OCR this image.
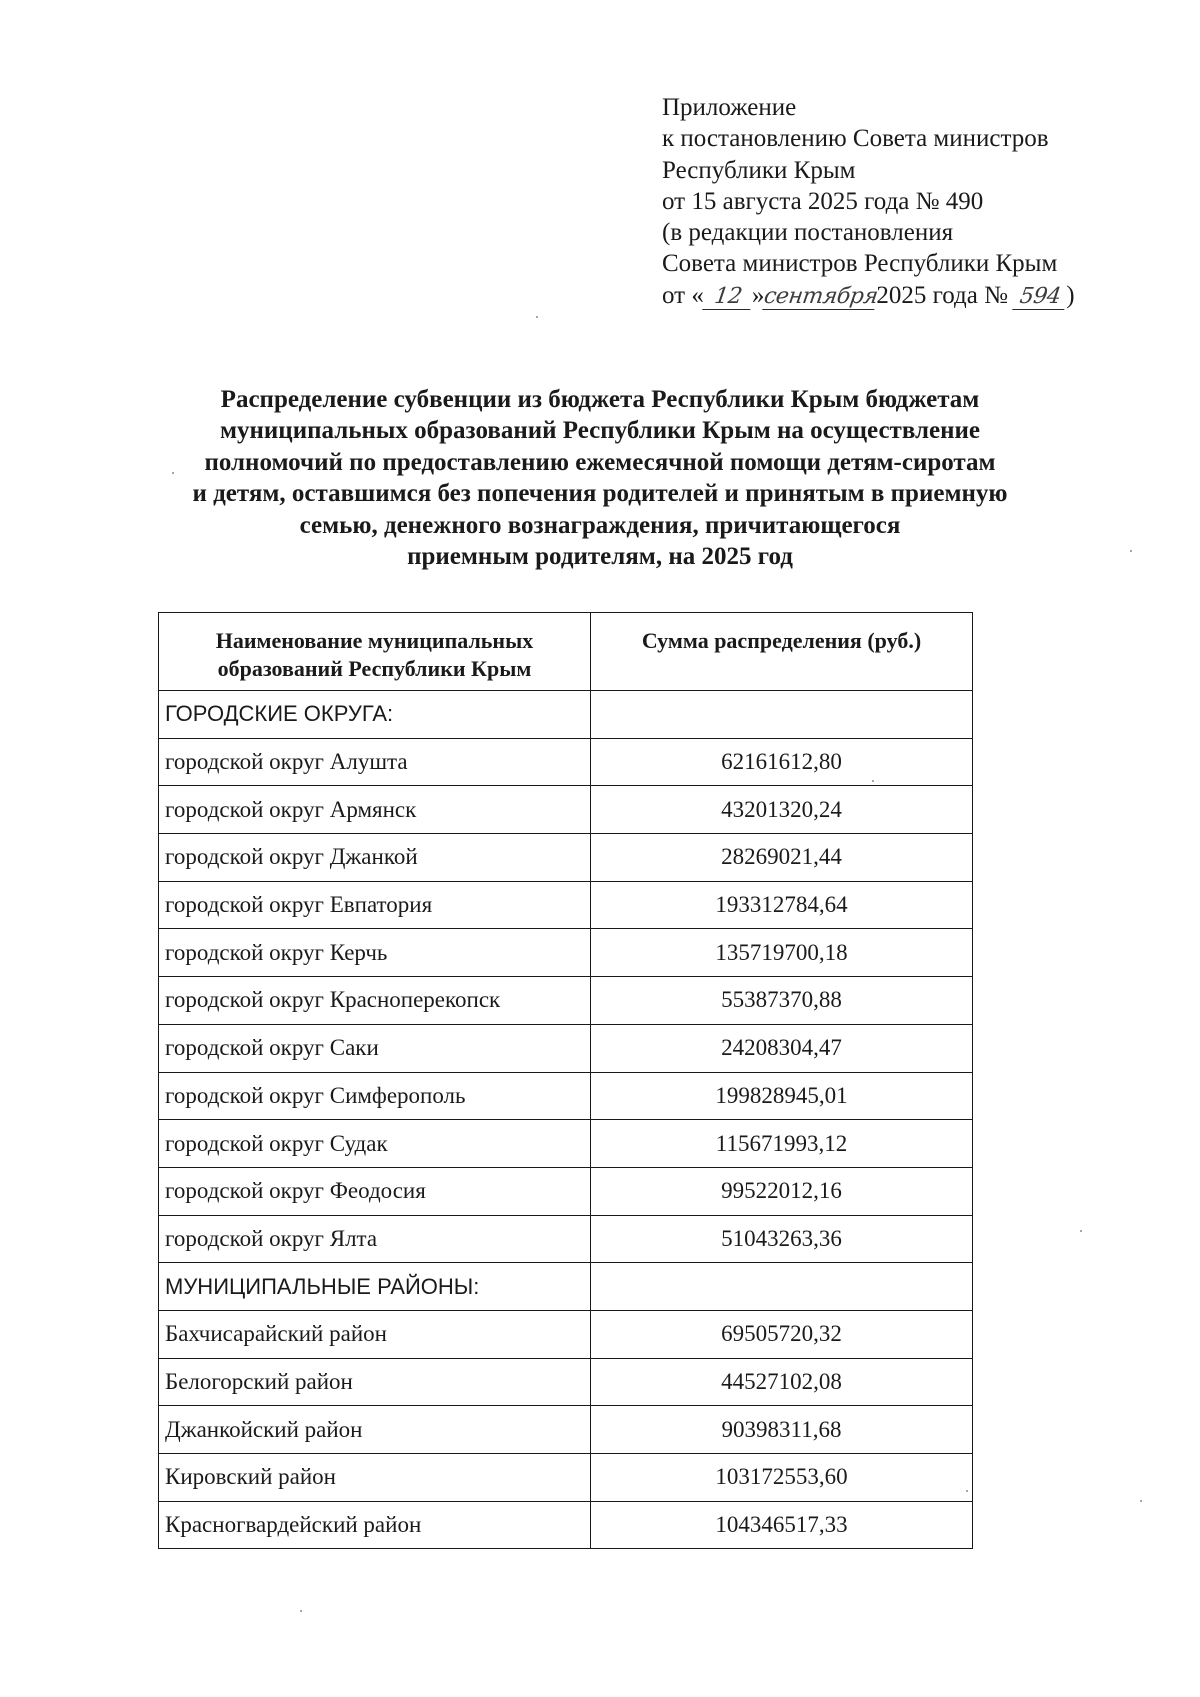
Приложение
к постановлению Совета министров
Республики Крым
от 15 августа 2025 года № 490
(в редакции постановления
Совета министров Республики Крым
от « 12 »сентября2025 года № 594 )
Распределение субвенции из бюджета Республики Крым бюджетам
муниципальных образований Республики Крым на осуществление
полномочий по предоставлению ежемесячной помощи детям-сиротам
и детям, оставшимся без попечения родителей и принятым в приемную
семью, денежного вознаграждения, причитающегося
приемным родителям, на 2025 год
Наименование муниципальных
образований Республики Крым	Сумма распределения (руб.)
ГОРОДСКИЕ ОКРУГА:	
городской округ Алушта	62161612,80
городской округ Армянск	43201320,24
городской округ Джанкой	28269021,44
городской округ Евпатория	193312784,64
городской округ Керчь	135719700,18
городской округ Красноперекопск	55387370,88
городской округ Саки	24208304,47
городской округ Симферополь	199828945,01
городской округ Судак	115671993,12
городской округ Феодосия	99522012,16
городской округ Ялта	51043263,36
МУНИЦИПАЛЬНЫЕ РАЙОНЫ:	
Бахчисарайский район	69505720,32
Белогорский район	44527102,08
Джанкойский район	90398311,68
Кировский район	103172553,60
Красногвардейский район	104346517,33
